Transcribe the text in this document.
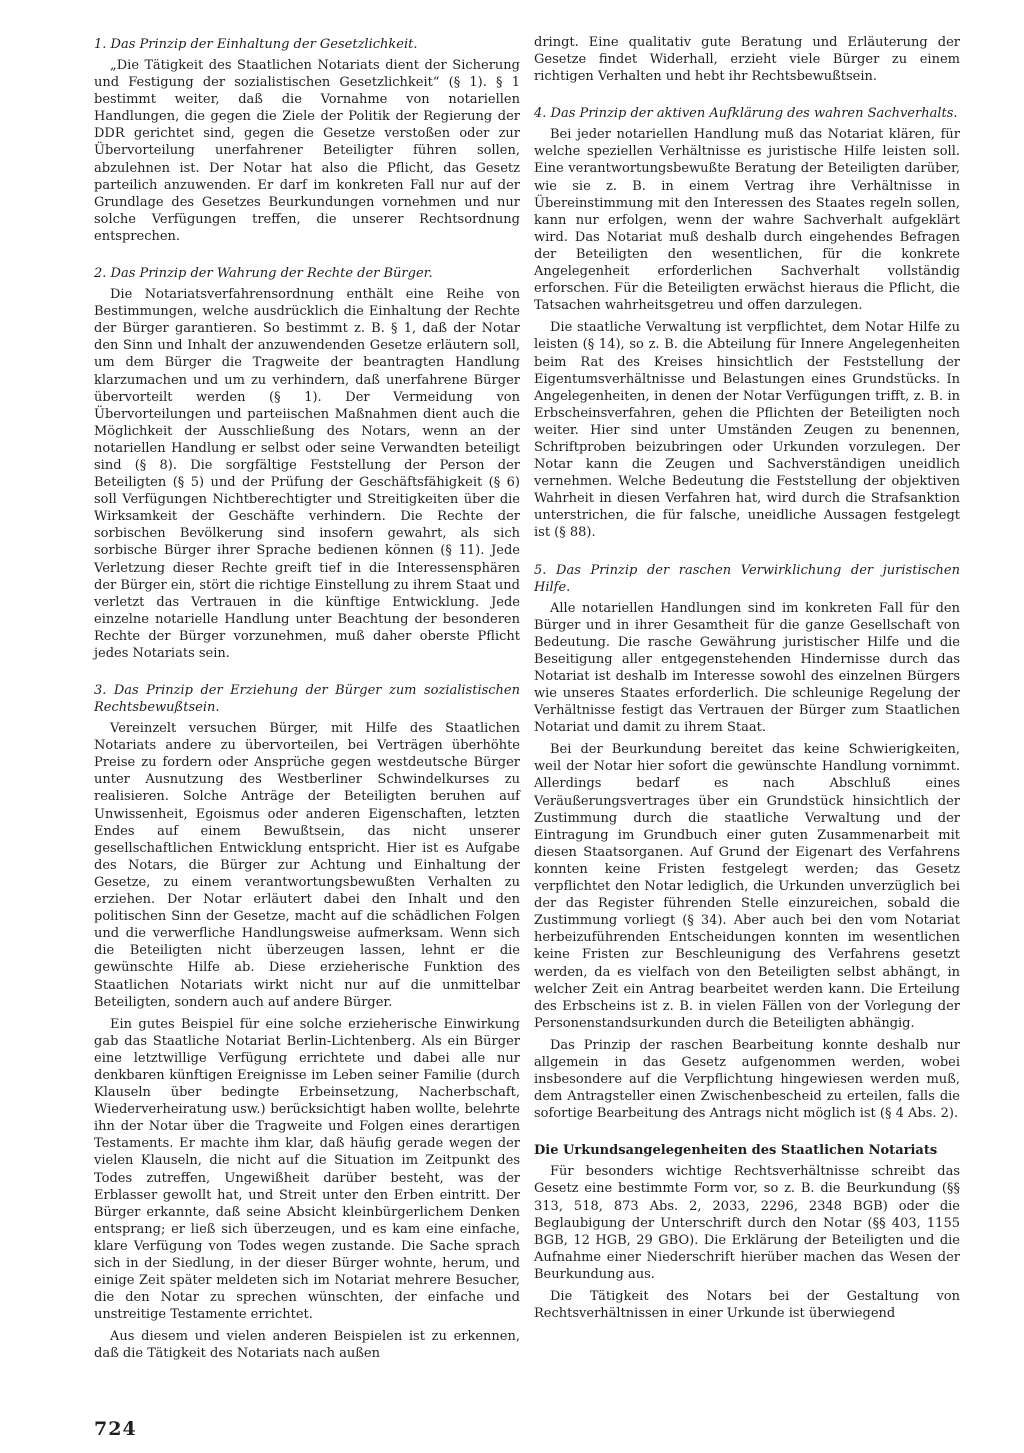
1. Das Prinzip der Einhaltung der Gesetzlichkeit.

„Die Tätigkeit des Staatlichen Notariats dient der Sicherung und Festigung der sozialistischen Gesetzlichkeit“ (§ 1). § 1 bestimmt weiter, daß die Vornahme von notariellen Handlungen, die gegen die Ziele der Politik der Regierung der DDR gerichtet sind, gegen die Gesetze verstoßen oder zur Übervorteilung unerfahrener Beteiligter führen sollen, abzulehnen ist. Der Notar hat also die Pflicht, das Gesetz parteilich anzuwenden. Er darf im konkreten Fall nur auf der Grundlage des Gesetzes Beurkundungen vornehmen und nur solche Verfügungen treffen, die unserer Rechtsordnung entsprechen.

2. Das Prinzip der Wahrung der Rechte der Bürger.

Die Notariatsverfahrensordnung enthält eine Reihe von Bestimmungen, welche ausdrücklich die Einhaltung der Rechte der Bürger garantieren. So bestimmt z. B. § 1, daß der Notar den Sinn und Inhalt der anzuwendenden Gesetze erläutern soll, um dem Bürger die Tragweite der beantragten Handlung klarzumachen und um zu verhindern, daß unerfahrene Bürger übervorteilt werden (§ 1). Der Vermeidung von Übervorteilungen und parteiischen Maßnahmen dient auch die Möglichkeit der Ausschließung des Notars, wenn an der notariellen Handlung er selbst oder seine Verwandten beteiligt sind (§ 8). Die sorgfältige Feststellung der Person der Beteiligten (§ 5) und der Prüfung der Geschäftsfähigkeit (§ 6) soll Verfügungen Nichtberechtigter und Streitigkeiten über die Wirksamkeit der Geschäfte verhindern. Die Rechte der sorbischen Bevölkerung sind insofern gewahrt, als sich sorbische Bürger ihrer Sprache bedienen können (§ 11). Jede Verletzung dieser Rechte greift tief in die Interessensphären der Bürger ein, stört die richtige Einstellung zu ihrem Staat und verletzt das Vertrauen in die künftige Entwicklung. Jede einzelne notarielle Handlung unter Beachtung der besonderen Rechte der Bürger vorzunehmen, muß daher oberste Pflicht jedes Notariats sein.

3. Das Prinzip der Erziehung der Bürger zum sozialistischen Rechtsbewußtsein.

Vereinzelt versuchen Bürger, mit Hilfe des Staatlichen Notariats andere zu übervorteilen, bei Verträgen überhöhte Preise zu fordern oder Ansprüche gegen westdeutsche Bürger unter Ausnutzung des Westberliner Schwindelkurses zu realisieren. Solche Anträge der Beteiligten beruhen auf Unwissenheit, Egoismus oder anderen Eigenschaften, letzten Endes auf einem Bewußtsein, das nicht unserer gesellschaftlichen Entwicklung entspricht. Hier ist es Aufgabe des Notars, die Bürger zur Achtung und Einhaltung der Gesetze, zu einem verantwortungsbewußten Verhalten zu erziehen. Der Notar erläutert dabei den Inhalt und den politischen Sinn der Gesetze, macht auf die schädlichen Folgen und die verwerfliche Handlungsweise aufmerksam. Wenn sich die Beteiligten nicht überzeugen lassen, lehnt er die gewünschte Hilfe ab. Diese erzieherische Funktion des Staatlichen Notariats wirkt nicht nur auf die unmittelbar Beteiligten, sondern auch auf andere Bürger.

Ein gutes Beispiel für eine solche erzieherische Einwirkung gab das Staatliche Notariat Berlin-Lichtenberg. Als ein Bürger eine letztwillige Verfügung errichtete und dabei alle nur denkbaren künftigen Ereignisse im Leben seiner Familie (durch Klauseln über bedingte Erbeinsetzung, Nacherbschaft, Wiederverheiratung usw.) berücksichtigt haben wollte, belehrte ihn der Notar über die Tragweite und Folgen eines derartigen Testaments. Er machte ihm klar, daß häufig gerade wegen der vielen Klauseln, die nicht auf die Situation im Zeitpunkt des Todes zutreffen, Ungewißheit darüber besteht, was der Erblasser gewollt hat, und Streit unter den Erben eintritt. Der Bürger erkannte, daß seine Absicht kleinbürgerlichem Denken entsprang; er ließ sich überzeugen, und es kam eine einfache, klare Verfügung von Todes wegen zustande. Die Sache sprach sich in der Siedlung, in der dieser Bürger wohnte, herum, und einige Zeit später meldeten sich im Notariat mehrere Besucher, die den Notar zu sprechen wünschten, der einfache und unstreitige Testamente errichtet.

Aus diesem und vielen anderen Beispielen ist zu erkennen, daß die Tätigkeit des Notariats nach außen

dringt. Eine qualitativ gute Beratung und Erläuterung der Gesetze findet Widerhall, erzieht viele Bürger zu einem richtigen Verhalten und hebt ihr Rechtsbewußtsein.

4. Das Prinzip der aktiven Aufklärung des wahren Sachverhalts.

Bei jeder notariellen Handlung muß das Notariat klären, für welche speziellen Verhältnisse es juristische Hilfe leisten soll. Eine verantwortungsbewußte Beratung der Beteiligten darüber, wie sie z. B. in einem Vertrag ihre Verhältnisse in Übereinstimmung mit den Interessen des Staates regeln sollen, kann nur erfolgen, wenn der wahre Sachverhalt aufgeklärt wird. Das Notariat muß deshalb durch eingehendes Befragen der Beteiligten den wesentlichen, für die konkrete Angelegenheit erforderlichen Sachverhalt vollständig erforschen. Für die Beteiligten erwächst hieraus die Pflicht, die Tatsachen wahrheitsgetreu und offen darzulegen.

Die staatliche Verwaltung ist verpflichtet, dem Notar Hilfe zu leisten (§ 14), so z. B. die Abteilung für Innere Angelegenheiten beim Rat des Kreises hinsichtlich der Feststellung der Eigentumsverhältnisse und Belastungen eines Grundstücks. In Angelegenheiten, in denen der Notar Verfügungen trifft, z. B. in Erbscheinsverfahren, gehen die Pflichten der Beteiligten noch weiter. Hier sind unter Umständen Zeugen zu benennen, Schriftproben beizubringen oder Urkunden vorzulegen. Der Notar kann die Zeugen und Sachverständigen uneidlich vernehmen. Welche Bedeutung die Feststellung der objektiven Wahrheit in diesen Verfahren hat, wird durch die Strafsanktion unterstrichen, die für falsche, uneidliche Aussagen festgelegt ist (§ 88).

5. Das Prinzip der raschen Verwirklichung der juristischen Hilfe.

Alle notariellen Handlungen sind im konkreten Fall für den Bürger und in ihrer Gesamtheit für die ganze Gesellschaft von Bedeutung. Die rasche Gewährung juristischer Hilfe und die Beseitigung aller entgegenstehenden Hindernisse durch das Notariat ist deshalb im Interesse sowohl des einzelnen Bürgers wie unseres Staates erforderlich. Die schleunige Regelung der Verhältnisse festigt das Vertrauen der Bürger zum Staatlichen Notariat und damit zu ihrem Staat.

Bei der Beurkundung bereitet das keine Schwierigkeiten, weil der Notar hier sofort die gewünschte Handlung vornimmt. Allerdings bedarf es nach Abschluß eines Veräußerungsvertrages über ein Grundstück hinsichtlich der Zustimmung durch die staatliche Verwaltung und der Eintragung im Grundbuch einer guten Zusammenarbeit mit diesen Staatsorganen. Auf Grund der Eigenart des Verfahrens konnten keine Fristen festgelegt werden; das Gesetz verpflichtet den Notar lediglich, die Urkunden unverzüglich bei der das Register führenden Stelle einzureichen, sobald die Zustimmung vorliegt (§ 34). Aber auch bei den vom Notariat herbeizuführenden Entscheidungen konnten im wesentlichen keine Fristen zur Beschleunigung des Verfahrens gesetzt werden, da es vielfach von den Beteiligten selbst abhängt, in welcher Zeit ein Antrag bearbeitet werden kann. Die Erteilung des Erbscheins ist z. B. in vielen Fällen von der Vorlegung der Personenstandsurkunden durch die Beteiligten abhängig.

Das Prinzip der raschen Bearbeitung konnte deshalb nur allgemein in das Gesetz aufgenommen werden, wobei insbesondere auf die Verpflichtung hingewiesen werden muß, dem Antragsteller einen Zwischenbescheid zu erteilen, falls die sofortige Bearbeitung des Antrags nicht möglich ist (§ 4 Abs. 2).

Die Urkundsangelegenheiten des Staatlichen Notariats

Für besonders wichtige Rechtsverhältnisse schreibt das Gesetz eine bestimmte Form vor, so z. B. die Beurkundung (§§ 313, 518, 873 Abs. 2, 2033, 2296, 2348 BGB) oder die Beglaubigung der Unterschrift durch den Notar (§§ 403, 1155 BGB, 12 HGB, 29 GBO). Die Erklärung der Beteiligten und die Aufnahme einer Niederschrift hierüber machen das Wesen der Beurkundung aus.

Die Tätigkeit des Notars bei der Gestaltung von Rechtsverhältnissen in einer Urkunde ist überwiegend

724
